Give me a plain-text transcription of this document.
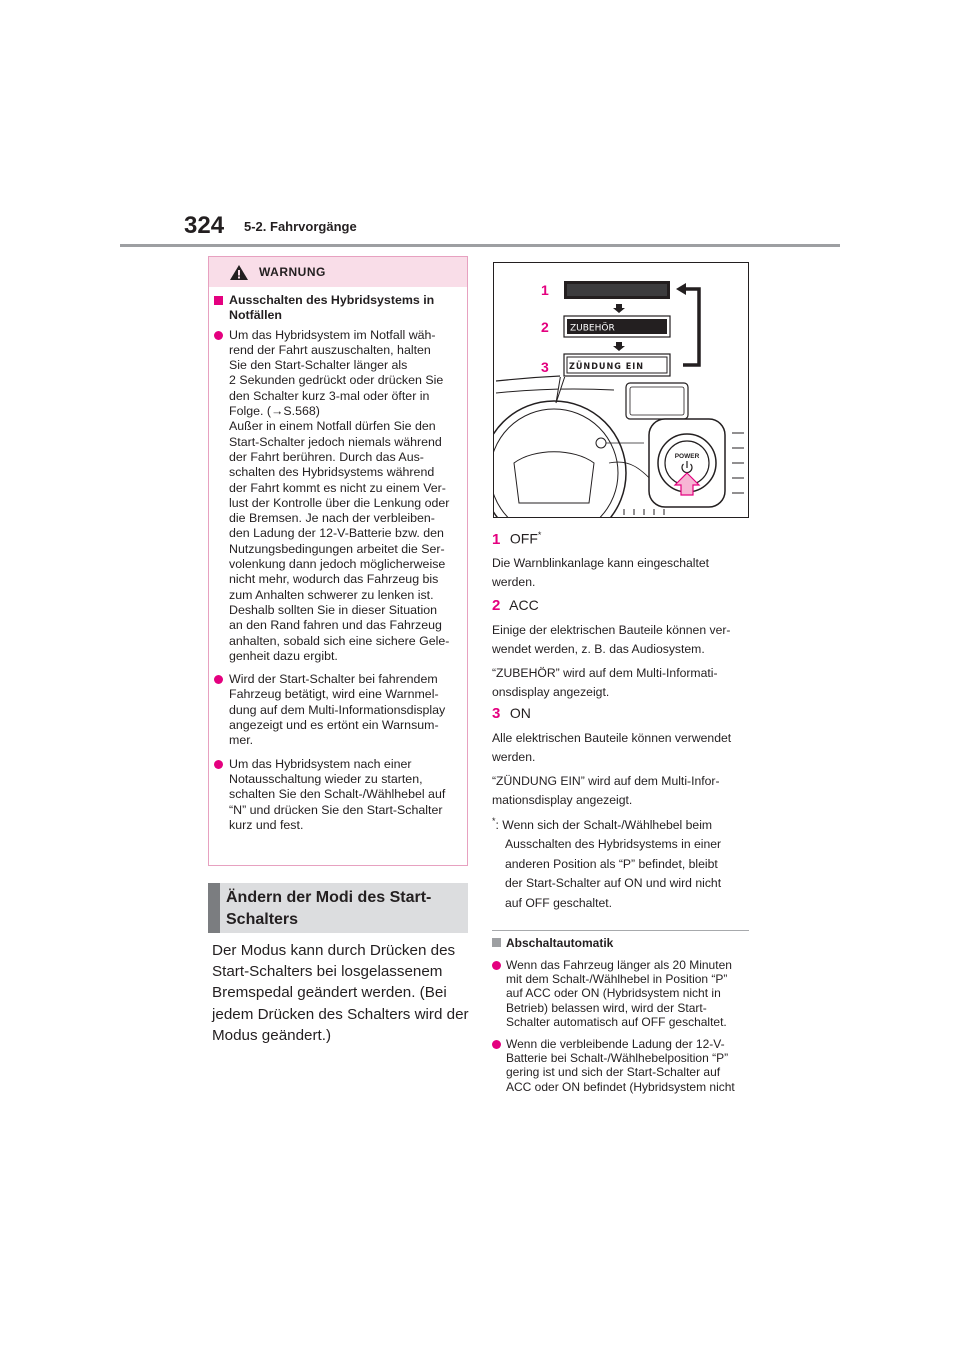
324 5-2. Fahrvorgänge
WARNUNG
Ausschalten des Hybridsystems in
Notfällen
Um das Hybridsystem im Notfall wäh-
rend der Fahrt auszuschalten, halten
Sie den Start-Schalter länger als
2 Sekunden gedrückt oder drücken Sie
den Schalter kurz 3-mal oder öfter in
Folge. (→S.568)
Außer in einem Notfall dürfen Sie den
Start-Schalter jedoch niemals während
der Fahrt berühren. Durch das Aus-
schalten des Hybridsystems während
der Fahrt kommt es nicht zu einem Ver-
lust der Kontrolle über die Lenkung oder
die Bremsen. Je nach der verbleiben-
den Ladung der 12-V-Batterie bzw. den
Nutzungsbedingungen arbeitet die Ser-
volenkung dann jedoch möglicherweise
nicht mehr, wodurch das Fahrzeug bis
zum Anhalten schwerer zu lenken ist.
Deshalb sollten Sie in dieser Situation
an den Rand fahren und das Fahrzeug
anhalten, sobald sich eine sichere Gele-
genheit dazu ergibt.
Wird der Start-Schalter bei fahrendem
Fahrzeug betätigt, wird eine Warnmel-
dung auf dem Multi-Informationsdisplay
angezeigt und es ertönt ein Warnsum-
mer.
Um das Hybridsystem nach einer
Notausschaltung wieder zu starten,
schalten Sie den Schalt-/Wählhebel auf
“N” und drücken Sie den Start-Schalter
kurz und fest.
Ändern der Modi des Start-
Schalters
Der Modus kann durch Drücken des
Start-Schalters bei losgelassenem
Bremspedal geändert werden. (Bei
jedem Drücken des Schalters wird der
Modus geändert.)
ZUBEHÖR
ZÜNDUNG EIN
1
2
3
POWER
1 OFF*
Die Warnblinkanlage kann eingeschaltet
werden.
2 ACC
Einige der elektrischen Bauteile können ver-
wendet werden, z. B. das Audiosystem.
“ZUBEHÖR” wird auf dem Multi-Informati-
onsdisplay angezeigt.
3 ON
Alle elektrischen Bauteile können verwendet
werden.
“ZÜNDUNG EIN” wird auf dem Multi-Infor-
mationsdisplay angezeigt.
*: Wenn sich der Schalt-/Wählhebel beim
Ausschalten des Hybridsystems in einer
anderen Position als “P” befindet, bleibt
der Start-Schalter auf ON und wird nicht
auf OFF geschaltet.
Abschaltautomatik
Wenn das Fahrzeug länger als 20 Minuten
mit dem Schalt-/Wählhebel in Position “P”
auf ACC oder ON (Hybridsystem nicht in
Betrieb) belassen wird, wird der Start-
Schalter automatisch auf OFF geschaltet.
Wenn die verbleibende Ladung der 12-V-
Batterie bei Schalt-/Wählhebelposition “P”
gering ist und sich der Start-Schalter auf
ACC oder ON befindet (Hybridsystem nicht
